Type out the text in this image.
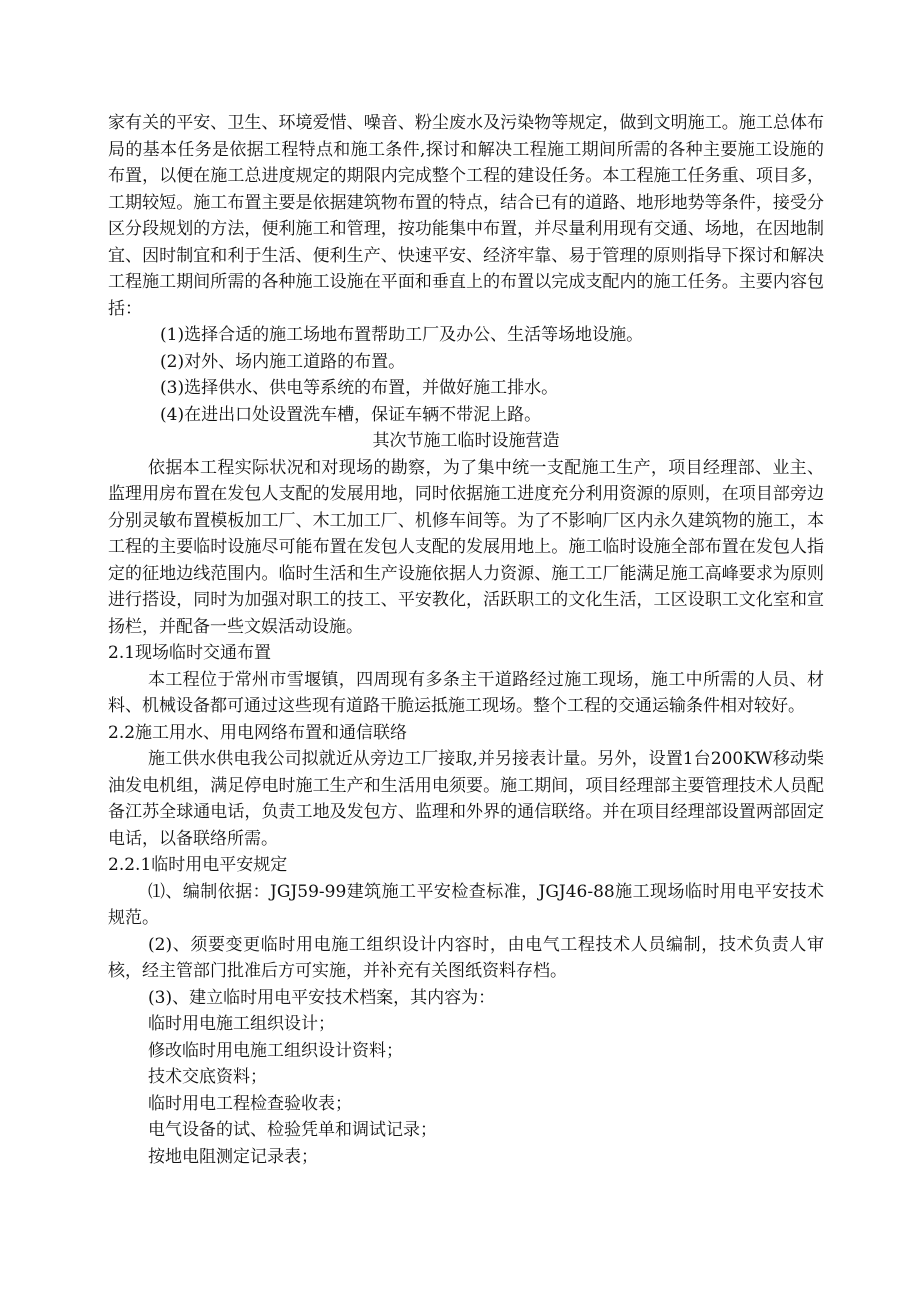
家有关的平安、卫生、环境爱惜、噪音、粉尘废水及污染物等规定，做到文明施工。施工总体布局的基本任务是依据工程特点和施工条件,探讨和解决工程施工期间所需的各种主要施工设施的布置，以便在施工总进度规定的期限内完成整个工程的建设任务。本工程施工任务重、项目多，工期较短。施工布置主要是依据建筑物布置的特点，结合已有的道路、地形地势等条件，接受分区分段规划的方法，便利施工和管理，按功能集中布置，并尽量利用现有交通、场地，在因地制宜、因时制宜和利于生活、便利生产、快速平安、经济牢靠、易于管理的原则指导下探讨和解决工程施工期间所需的各种施工设施在平面和垂直上的布置以完成支配内的施工任务。主要内容包括：

(1)选择合适的施工场地布置帮助工厂及办公、生活等场地设施。

(2)对外、场内施工道路的布置。

(3)选择供水、供电等系统的布置，并做好施工排水。

(4)在进出口处设置洗车槽，保证车辆不带泥上路。

其次节施工临时设施营造

依据本工程实际状况和对现场的勘察，为了集中统一支配施工生产，项目经理部、业主、监理用房布置在发包人支配的发展用地，同时依据施工进度充分利用资源的原则，在项目部旁边分别灵敏布置模板加工厂、木工加工厂、机修车间等。为了不影响厂区内永久建筑物的施工，本工程的主要临时设施尽可能布置在发包人支配的发展用地上。施工临时设施全部布置在发包人指定的征地边线范围内。临时生活和生产设施依据人力资源、施工工厂能满足施工高峰要求为原则进行搭设，同时为加强对职工的技工、平安教化，活跃职工的文化生活，工区设职工文化室和宣扬栏，并配备一些文娱活动设施。

2.1现场临时交通布置

本工程位于常州市雪堰镇，四周现有多条主干道路经过施工现场，施工中所需的人员、材料、机械设备都可通过这些现有道路干脆运抵施工现场。整个工程的交通运输条件相对较好。

2.2施工用水、用电网络布置和通信联络

施工供水供电我公司拟就近从旁边工厂接取,并另接表计量。另外，设置1台200KW移动柴油发电机组，满足停电时施工生产和生活用电须要。施工期间，项目经理部主要管理技术人员配备江苏全球通电话，负责工地及发包方、监理和外界的通信联络。并在项目经理部设置两部固定电话，以备联络所需。

2.2.1临时用电平安规定

⑴、编制依据：JGJ59-99建筑施工平安检查标准，JGJ46-88施工现场临时用电平安技术规范。

(2)、须要变更临时用电施工组织设计内容时，由电气工程技术人员编制，技术负责人审核，经主管部门批准后方可实施，并补充有关图纸资料存档。

(3)、建立临时用电平安技术档案，其内容为：

临时用电施工组织设计；

修改临时用电施工组织设计资料；

技术交底资料；

临时用电工程检查验收表；

电气设备的试、检验凭单和调试记录；

按地电阻测定记录表；
